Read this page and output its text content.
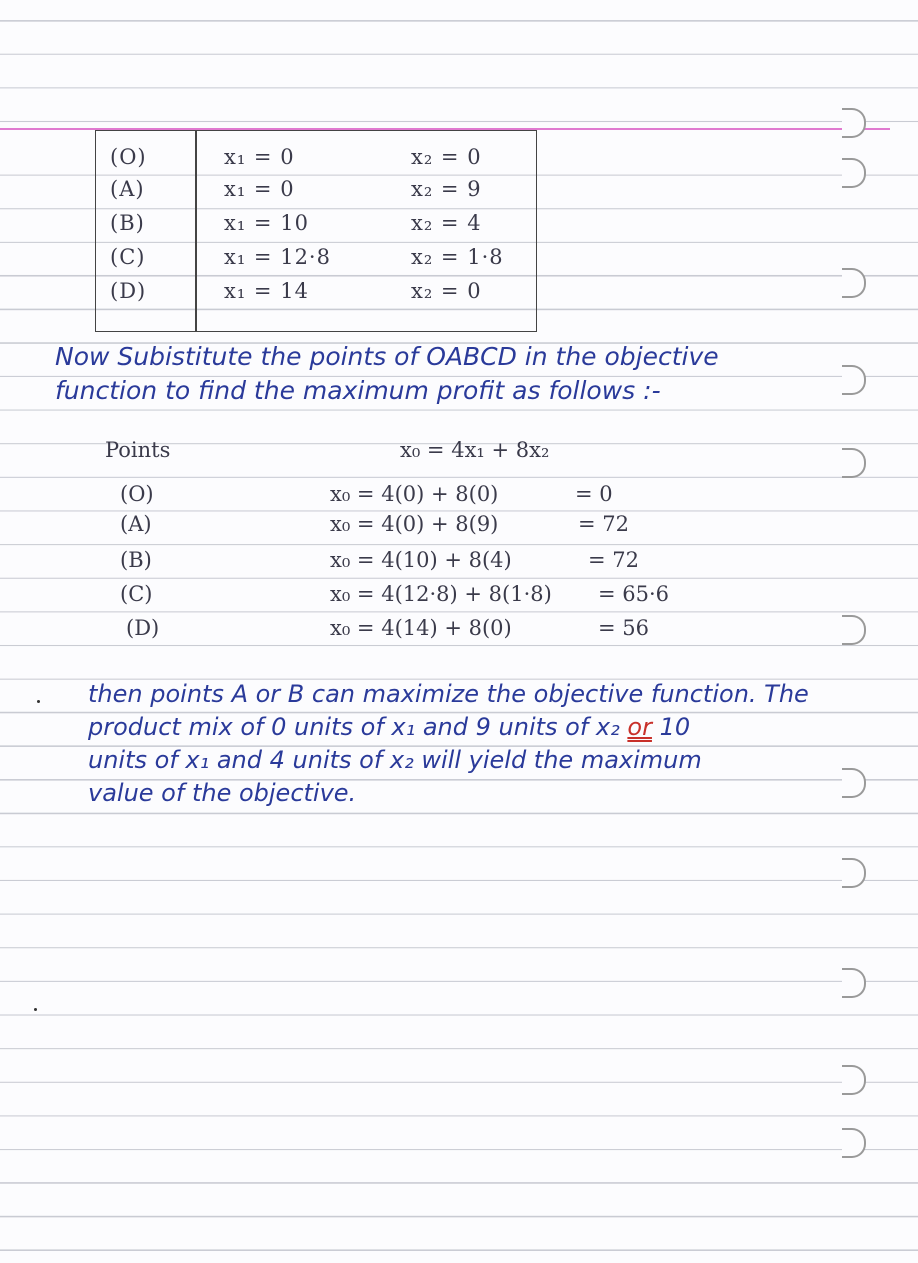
(O)	x₁ = 0	x₂ = 0
(A)	x₁ = 0	x₂ = 9
(B)	x₁ = 10	x₂ = 4
(C)	x₁ = 12·8	x₂ = 1·8
(D)	x₁ = 14	x₂ = 0
Now Subistitute the points of OABCD in the objective
function to find the maximum profit as follows :-
Points	x₀ = 4x₁ + 8x₂
(O)	x₀ = 4(0) + 8(0)	= 0
(A)	x₀ = 4(0) + 8(9)	= 72
(B)	x₀ = 4(10) + 8(4)	= 72
(C)	x₀ = 4(12·8) + 8(1·8) = 65·6
(D)	x₀ = 4(14) + 8(0)	= 56
then points A or B can maximize the objective function. The
product mix of 0 units of x₁ and 9 units of x₂ or 10
units of x₁ and 4 units of x₂ will yield the maximum
value of the objective.
